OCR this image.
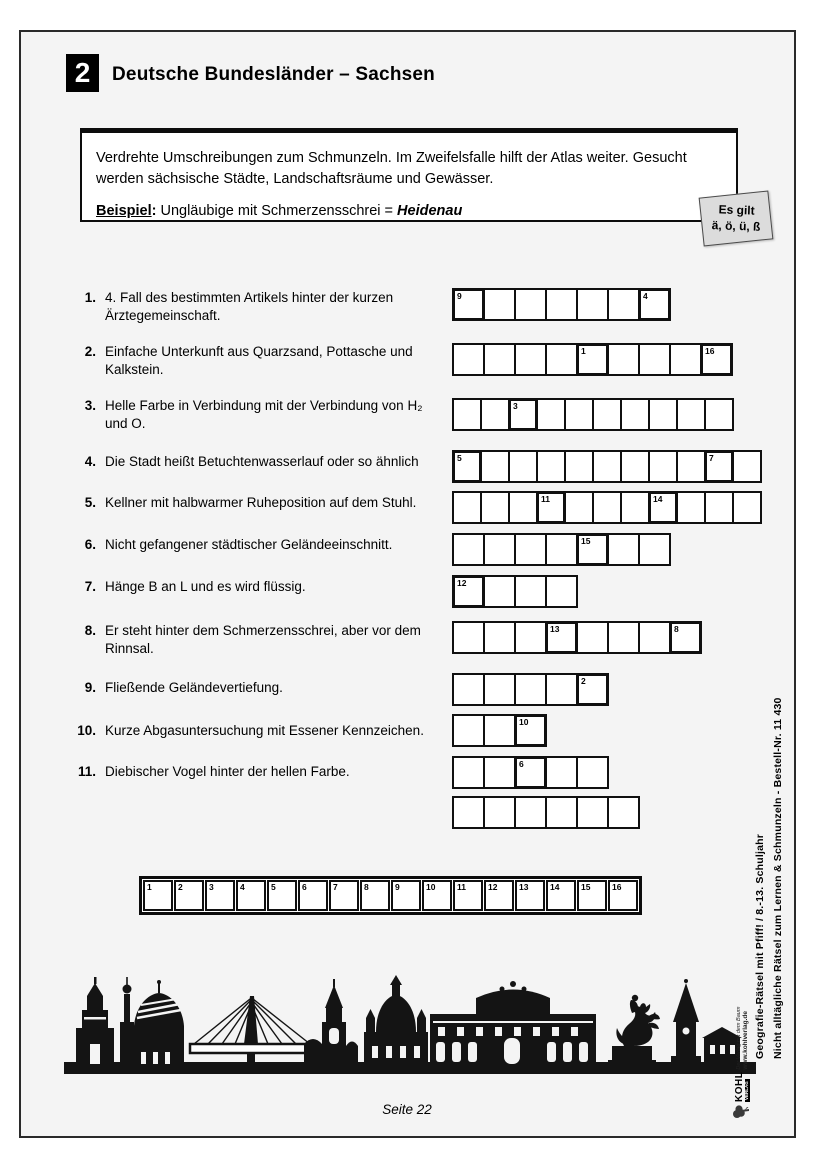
2	Deutsche Bundesländer – Sachsen
Verdrehte Umschreibungen zum Schmunzeln. Im Zweifelsfalle hilft der Atlas weiter. Gesucht werden sächsische Städte, Landschaftsräume und Gewässer.
Beispiel: Ungläubige mit Schmerzensschrei = Heidenau	Es gilt
ä, ö, ü, ß
1. 4. Fall des bestimmten Artikels hinter der kurzen Ärztegemeinschaft.
2. Einfache Unterkunft aus Quarzsand, Pottasche und Kalkstein.
3. Helle Farbe in Verbindung mit der Verbindung von H₂ und O.
4. Die Stadt heißt Betuchtenwasserlauf oder so ähnlich
5. Kellner mit halbwarmer Ruheposition auf dem Stuhl.
6. Nicht gefangener städtischer Geländeeinschnitt.
7. Hänge B an L und es wird flüssig.
8. Er steht hinter dem Schmerzensschrei, aber vor dem Rinnsal.
9. Fließende Geländevertiefung.
10. Kurze Abgasuntersuchung mit Essener Kennzeichen.
11. Diebischer Vogel hinter der hellen Farbe.
9	4
1	16
3
5	7
11	14
15
12
13	8
2
10
6
1	2	3	4	5	6	7	8	9	10	11	12	13	14	15	16	Geografie-Rätsel mit Pfiff! / 8.-13. Schuljahr Nicht alltägliche Rätsel zum Lernen & Schmunzeln - Bestell-Nr. 11 430
KOHL VERLAG
Der Verlag mit dem Baum www.kohlverlag.de
Seite 22
